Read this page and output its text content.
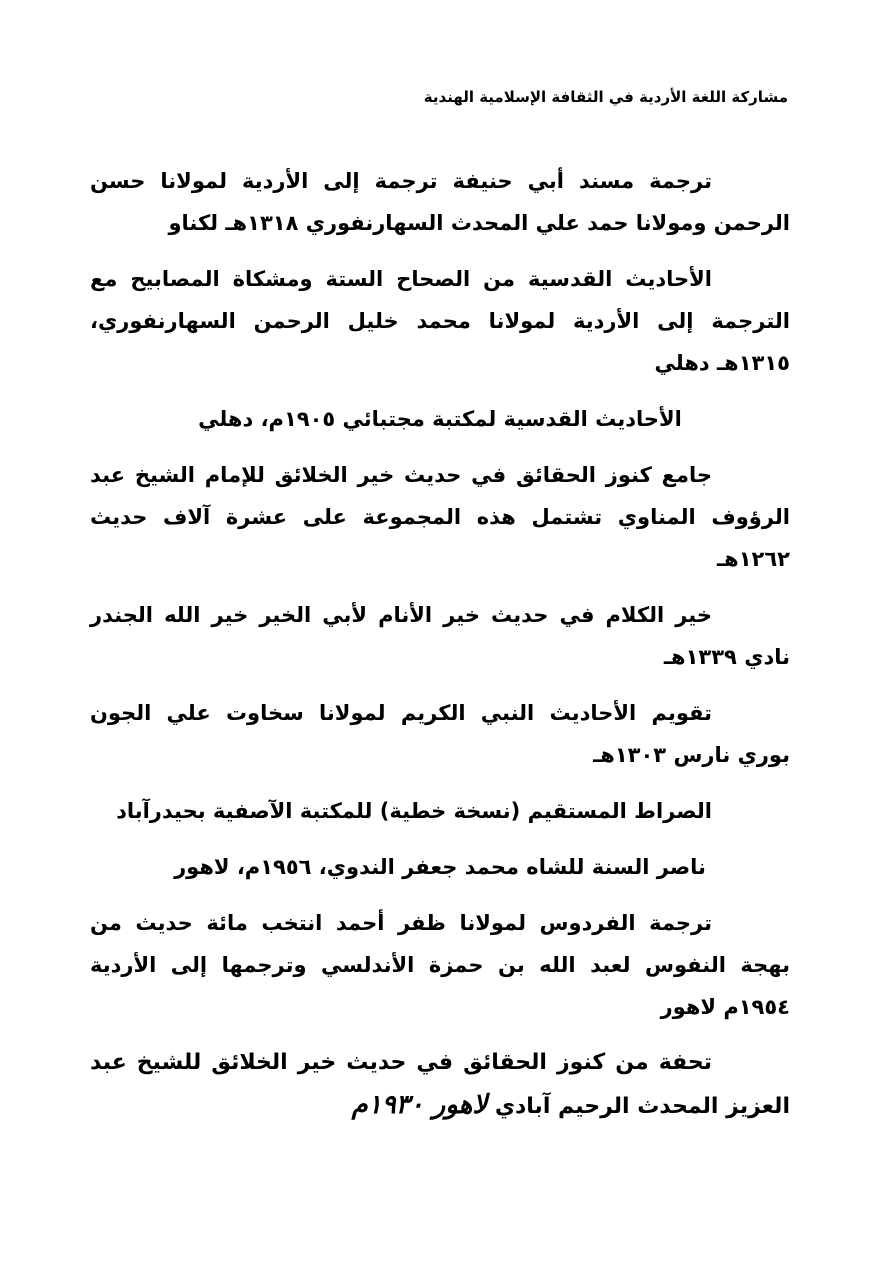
مشاركة اللغة الأردية في الثقافة الإسلامية الهندية

ترجمة مسند أبي حنيفة ترجمة إلى الأردية لمولانا حسن الرحمن ومولانا حمد علي المحدث السهارنفوري ١٣١٨هـ لكناو

الأحاديث القدسية من الصحاح الستة ومشكاة المصابيح مع الترجمة إلى الأردية لمولانا محمد خليل الرحمن السهارنفوري، ١٣١٥هـ دهلي

الأحاديث القدسية لمكتبة مجتبائي ١٩٠٥م، دهلي

جامع كنوز الحقائق في حديث خير الخلائق للإمام الشيخ عبد الرؤوف المناوي تشتمل هذه المجموعة على عشرة آلاف حديث ١٢٦٢هـ

خير الكلام في حديث خير الأنام لأبي الخير خير الله الجندر نادي ١٣٣٩هـ

تقويم الأحاديث النبي الكريم لمولانا سخاوت علي الجون بوري نارس ١٣٠٣هـ

الصراط المستقيم (نسخة خطية) للمكتبة الآصفية بحيدرآباد

ناصر السنة للشاه محمد جعفر الندوي، ١٩٥٦م، لاهور

ترجمة الفردوس لمولانا ظفر أحمد انتخب مائة حديث من بهجة النفوس لعبد الله بن حمزة الأندلسي وترجمها إلى الأردية ١٩٥٤م لاهور

تحفة من كنوز الحقائق في حديث خير الخلائق للشيخ عبد العزيز المحدث الرحيم آبادي لاهور ١٩٣٠م
